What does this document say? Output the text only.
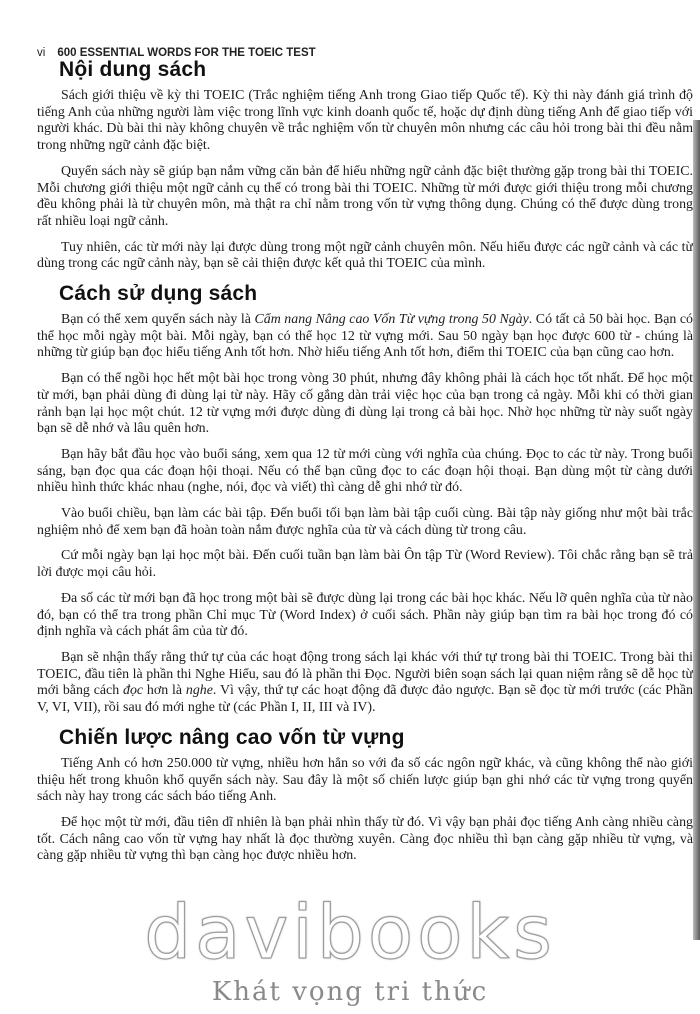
vi 600 ESSENTIAL WORDS FOR THE TOEIC TEST
Nội dung sách

Sách giới thiệu về kỳ thi TOEIC (Trắc nghiệm tiếng Anh trong Giao tiếp Quốc tế). Kỳ thi này đánh giá trình độ tiếng Anh của những người làm việc trong lĩnh vực kinh doanh quốc tế, hoặc dự định dùng tiếng Anh để giao tiếp với người khác. Dù bài thi này không chuyên về trắc nghiệm vốn từ chuyên môn nhưng các câu hỏi trong bài thi đều nằm trong những ngữ cảnh đặc biệt.

Quyển sách này sẽ giúp bạn nắm vững căn bản để hiểu những ngữ cảnh đặc biệt thường gặp trong bài thi TOEIC. Mỗi chương giới thiệu một ngữ cảnh cụ thể có trong bài thi TOEIC. Những từ mới được giới thiệu trong mỗi chương đều không phải là từ chuyên môn, mà thật ra chỉ nằm trong vốn từ vựng thông dụng. Chúng có thể được dùng trong rất nhiều loại ngữ cảnh.

Tuy nhiên, các từ mới này lại được dùng trong một ngữ cảnh chuyên môn. Nếu hiểu được các ngữ cảnh và các từ dùng trong các ngữ cảnh này, bạn sẽ cải thiện được kết quả thi TOEIC của mình.

Cách sử dụng sách

Bạn có thể xem quyển sách này là Cẩm nang Nâng cao Vốn Từ vựng trong 50 Ngày. Có tất cả 50 bài học. Bạn có thể học mỗi ngày một bài. Mỗi ngày, bạn có thể học 12 từ vựng mới. Sau 50 ngày bạn học được 600 từ - chúng là những từ giúp bạn đọc hiểu tiếng Anh tốt hơn. Nhờ hiểu tiếng Anh tốt hơn, điểm thi TOEIC của bạn cũng cao hơn.

Bạn có thể ngồi học hết một bài học trong vòng 30 phút, nhưng đây không phải là cách học tốt nhất. Để học một từ mới, bạn phải dùng đi dùng lại từ này. Hãy cố gắng dàn trải việc học của bạn trong cả ngày. Mỗi khi có thời gian rảnh bạn lại học một chút. 12 từ vựng mới được dùng đi dùng lại trong cả bài học. Nhờ học những từ này suốt ngày bạn sẽ dễ nhớ và lâu quên hơn.

Bạn hãy bắt đầu học vào buổi sáng, xem qua 12 từ mới cùng với nghĩa của chúng. Đọc to các từ này. Trong buổi sáng, bạn đọc qua các đoạn hội thoại. Nếu có thể bạn cũng đọc to các đoạn hội thoại. Bạn dùng một từ càng dưới nhiều hình thức khác nhau (nghe, nói, đọc và viết) thì càng dễ ghi nhớ từ đó.

Vào buổi chiều, bạn làm các bài tập. Đến buổi tối bạn làm bài tập cuối cùng. Bài tập này giống như một bài trắc nghiệm nhỏ để xem bạn đã hoàn toàn nắm được nghĩa của từ và cách dùng từ trong câu.

Cứ mỗi ngày bạn lại học một bài. Đến cuối tuần bạn làm bài Ôn tập Từ (Word Review). Tôi chắc rằng bạn sẽ trả lời được mọi câu hỏi.

Đa số các từ mới bạn đã học trong một bài sẽ được dùng lại trong các bài học khác. Nếu lỡ quên nghĩa của từ nào đó, bạn có thể tra trong phần Chỉ mục Từ (Word Index) ở cuối sách. Phần này giúp bạn tìm ra bài học trong đó có định nghĩa và cách phát âm của từ đó.

Bạn sẽ nhận thấy rằng thứ tự của các hoạt động trong sách lại khác với thứ tự trong bài thi TOEIC. Trong bài thi TOEIC, đầu tiên là phần thi Nghe Hiểu, sau đó là phần thi Đọc. Người biên soạn sách lại quan niệm rằng sẽ dễ học từ mới bằng cách đọc hơn là nghe. Vì vậy, thứ tự các hoạt động đã được đảo ngược. Bạn sẽ đọc từ mới trước (các Phần V, VI, VII), rồi sau đó mới nghe từ (các Phần I, II, III và IV).

Chiến lược nâng cao vốn từ vựng

Tiếng Anh có hơn 250.000 từ vựng, nhiều hơn hẳn so với đa số các ngôn ngữ khác, và cũng không thể nào giới thiệu hết trong khuôn khổ quyển sách này. Sau đây là một số chiến lược giúp bạn ghi nhớ các từ vựng trong quyển sách này hay trong các sách báo tiếng Anh.

Để học một từ mới, đầu tiên dĩ nhiên là bạn phải nhìn thấy từ đó. Vì vậy bạn phải đọc tiếng Anh càng nhiều càng tốt. Cách nâng cao vốn từ vựng hay nhất là đọc thường xuyên. Càng đọc nhiều thì bạn càng gặp nhiều từ vựng, và càng gặp nhiều từ vựng thì bạn càng học được nhiều hơn.

davibooks
Khát vọng tri thức
